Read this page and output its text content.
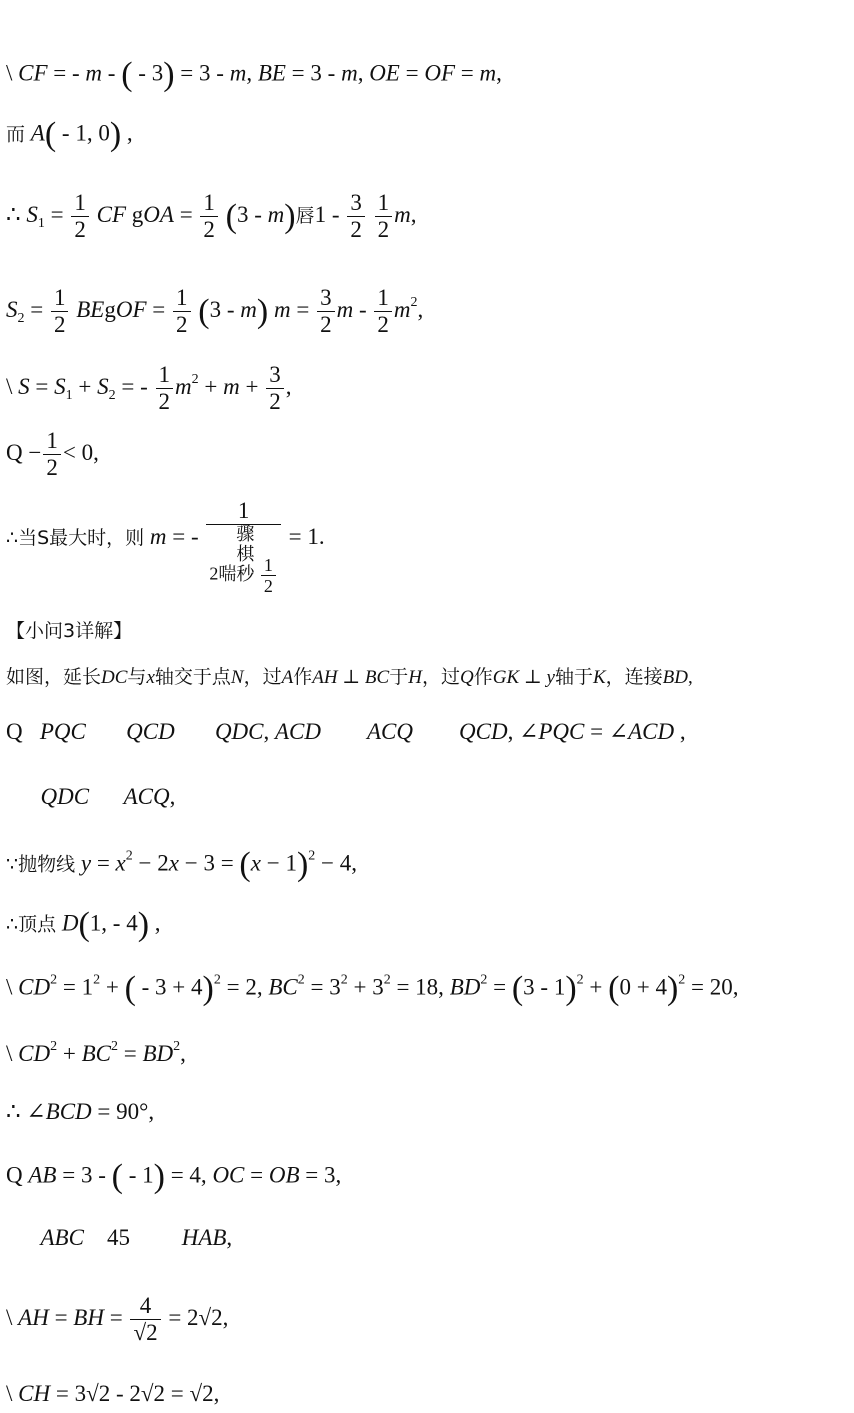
\ CF = - m - ( - 3) = 3 - m, BE = 3 - m, OE = OF = m,
而 A( - 1, 0) ,
∴ $S_1 = \frac{1}{2}$ CF gOA = $\frac{1}{2} (3 - m)$唇$1 - \frac{3}{2}$
$\frac{1}{2} m$,
$S_2 = \frac{1}{2}$ BEgOF = $\frac{1}{2} (3 - m) m = \frac{3}{2}$ m - $\frac{1}{2} m^2$,
\ $S = S_1 + S_2$ = - $\frac{1}{2} m^2 + m + \frac{3}{2}$ ,
$Q - \frac{1}{2} < 0$,
∴当S最大时，则 m = -
1
2喘骤
棋
秒 $\frac{1}{2}$
= 1.
【小问3详解】
如图，延长DC与x轴交于点N，过A作AH ⊥ BC于H，过Q作GK ⊥ y轴于K，连接BD,
Q   PQC QCD QDC, ACD ACQ QCD, ∠PQC = ∠ACD ,
QDC ACQ,
∵抛物线 $y = x^2 - 2x - 3 = (x - 1)^2 - 4$,
∴顶点 D(1, - 4) ,
\ $CD^2 = 1^2$ + ( - 3 + 4)$^2$ = 2, $BC^2 = 3^2 + 3^2 = 18$, $BD^2 = (3 - 1)^2 + (0 + 4)^2 = 20$,
\ $CD^2 + BC^2 = BD^2$,
∴ ∠BCD = 90°,
Q AB = 3 - ( - 1) = 4, OC = OB = 3,
ABC    45         HAB,
\ AH = BH = $\frac{4}{√2} = 2√2$,
\ CH = 3√2 - 2√2 = √2,
